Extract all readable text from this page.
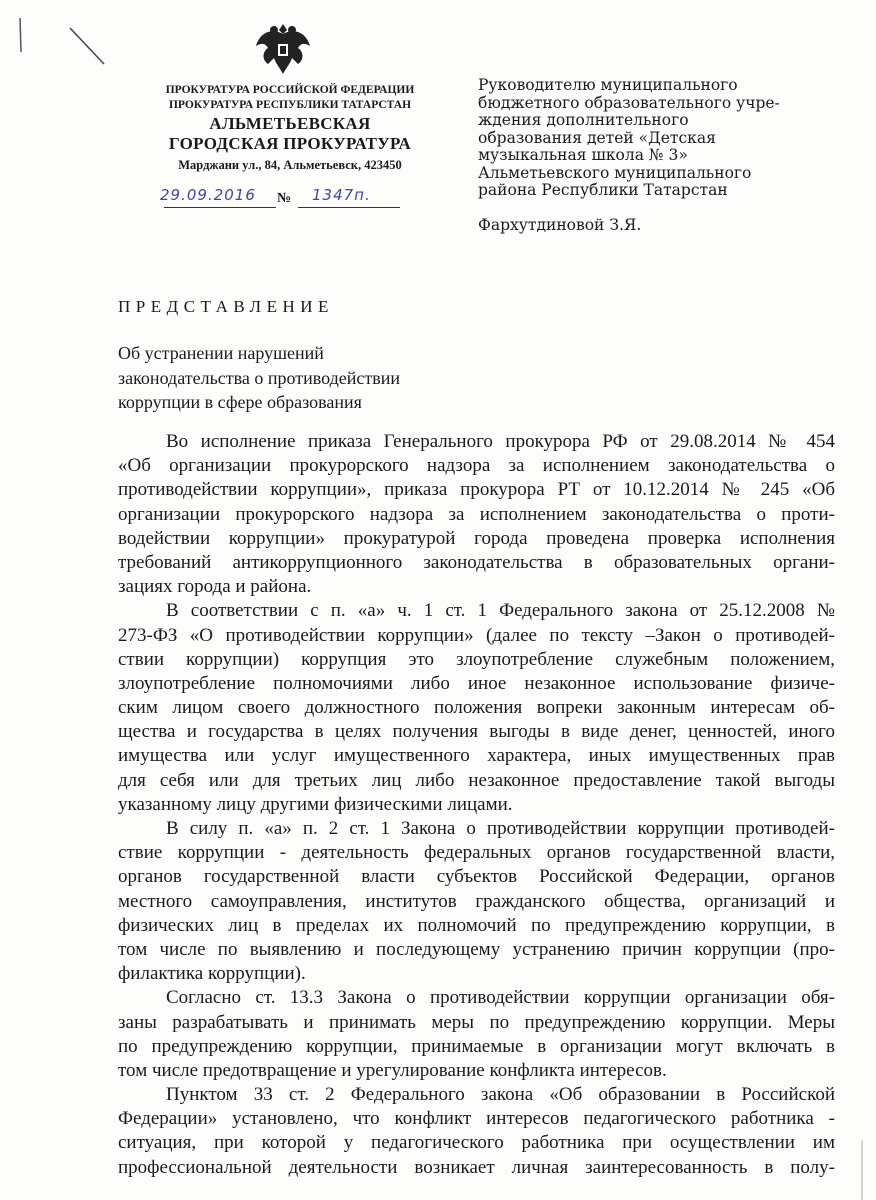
ПРОКУРАТУРА РОССИЙСКОЙ ФЕДЕРАЦИИ
ПРОКУРАТУРА РЕСПУБЛИКИ ТАТАРСТАН
АЛЬМЕТЬЕВСКАЯ
ГОРОДСКАЯ ПРОКУРАТУРА
Марджани ул., 84, Альметьевск, 423450
29.09.2016 № 1347п.
Руководителю муниципального
бюджетного образовательного учре-
ждения дополнительного
образования детей «Детская
музыкальная школа № 3»
Альметьевского муниципального
района Республики Татарстан
Фархутдиновой З.Я.
ПРЕДСТАВЛЕНИЕ
Об устранении нарушений
законодательства о противодействии
коррупции в сфере образования
Во исполнение приказа Генерального прокурора РФ от 29.08.2014 № 454
«Об организации прокурорского надзора за исполнением законодательства о
противодействии коррупции», приказа прокурора РТ от 10.12.2014 № 245 «Об
организации прокурорского надзора за исполнением законодательства о проти-
водействии коррупции» прокуратурой города проведена проверка исполнения
требований антикоррупционного законодательства в образовательных органи-
зациях города и района.
В соответствии с п. «а» ч. 1 ст. 1 Федерального закона от 25.12.2008 №
273-ФЗ «О противодействии коррупции» (далее по тексту –Закон о противодей-
ствии коррупции) коррупция это злоупотребление служебным положением,
злоупотребление полномочиями либо иное незаконное использование физиче-
ским лицом своего должностного положения вопреки законным интересам об-
щества и государства в целях получения выгоды в виде денег, ценностей, иного
имущества или услуг имущественного характера, иных имущественных прав
для себя или для третьих лиц либо незаконное предоставление такой выгоды
указанному лицу другими физическими лицами.
В силу п. «а» п. 2 ст. 1 Закона о противодействии коррупции противодей-
ствие коррупции - деятельность федеральных органов государственной власти,
органов государственной власти субъектов Российской Федерации, органов
местного самоуправления, институтов гражданского общества, организаций и
физических лиц в пределах их полномочий по предупреждению коррупции, в
том числе по выявлению и последующему устранению причин коррупции (про-
филактика коррупции).
Согласно ст. 13.3 Закона о противодействии коррупции организации обя-
заны разрабатывать и принимать меры по предупреждению коррупции. Меры
по предупреждению коррупции, принимаемые в организации могут включать в
том числе предотвращение и урегулирование конфликта интересов.
Пунктом 33 ст. 2 Федерального закона «Об образовании в Российской
Федерации» установлено, что конфликт интересов педагогического работника -
ситуация, при которой у педагогического работника при осуществлении им
профессиональной деятельности возникает личная заинтересованность в полу-
